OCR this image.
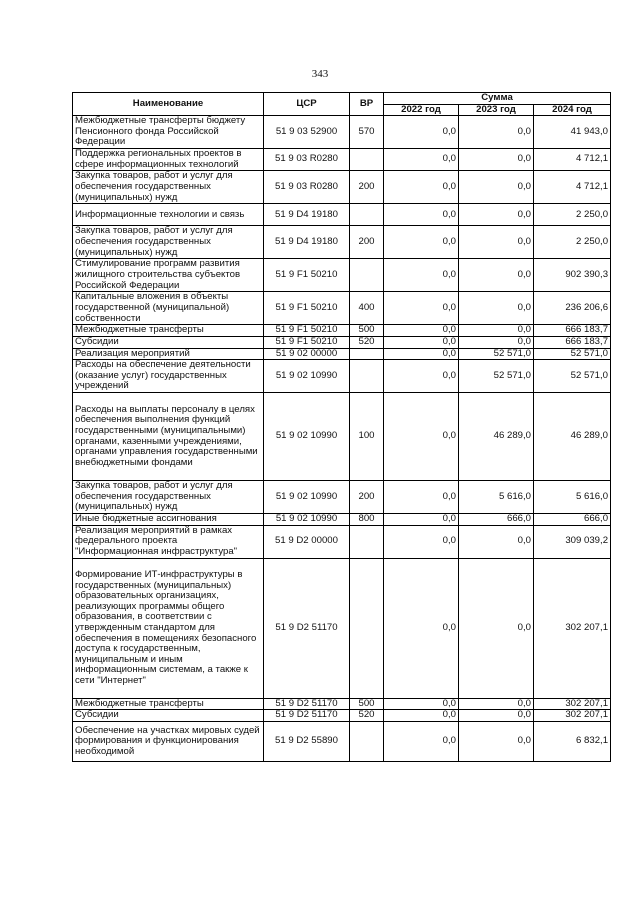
343
Наименование	ЦСР	ВР	Сумма		
			2022 год	2023 год	2024 год
Межбюджетные трансферты бюджету Пенсионного фонда Российской Федерации	51 9 03 52900	570	0,0	0,0	41 943,0
Поддержка региональных проектов в сфере информационных технологий	51 9 03 R0280		0,0	0,0	4 712,1
Закупка товаров, работ и услуг для обеспечения государственных (муниципальных) нужд	51 9 03 R0280	200	0,0	0,0	4 712,1
Информационные технологии и связь	51 9 D4 19180		0,0	0,0	2 250,0
Закупка товаров, работ и услуг для обеспечения государственных (муниципальных) нужд	51 9 D4 19180	200	0,0	0,0	2 250,0
Стимулирование программ развития жилищного строительства субъектов Российской Федерации	51 9 F1 50210		0,0	0,0	902 390,3
Капитальные вложения в объекты государственной (муниципальной) собственности	51 9 F1 50210	400	0,0	0,0	236 206,6
Межбюджетные трансферты	51 9 F1 50210	500	0,0	0,0	666 183,7
Субсидии	51 9 F1 50210	520	0,0	0,0	666 183,7
Реализация мероприятий	51 9 02 00000		0,0	52 571,0	52 571,0
Расходы на обеспечение деятельности (оказание услуг) государственных учреждений	51 9 02 10990		0,0	52 571,0	52 571,0
Расходы на выплаты персоналу в целях обеспечения выполнения функций государственными (муниципальными) органами, казенными учреждениями, органами управления государственными внебюджетными фондами	51 9 02 10990	100	0,0	46 289,0	46 289,0
Закупка товаров, работ и услуг для обеспечения государственных (муниципальных) нужд	51 9 02 10990	200	0,0	5 616,0	5 616,0
Иные бюджетные ассигнования	51 9 02 10990	800	0,0	666,0	666,0
Реализация мероприятий в рамках федерального проекта "Информационная инфраструктура"	51 9 D2 00000		0,0	0,0	309 039,2
Формирование ИТ-инфраструктуры в государственных (муниципальных) образовательных организациях, реализующих программы общего образования, в соответствии с утвержденным стандартом для обеспечения в помещениях безопасного доступа к государственным, муниципальным и иным информационным системам, а также к сети "Интернет"	51 9 D2 51170		0,0	0,0	302 207,1
Межбюджетные трансферты	51 9 D2 51170	500	0,0	0,0	302 207,1
Субсидии	51 9 D2 51170	520	0,0	0,0	302 207,1
Обеспечение на участках мировых судей формирования и функционирования необходимой	51 9 D2 55890		0,0	0,0	6 832,1
